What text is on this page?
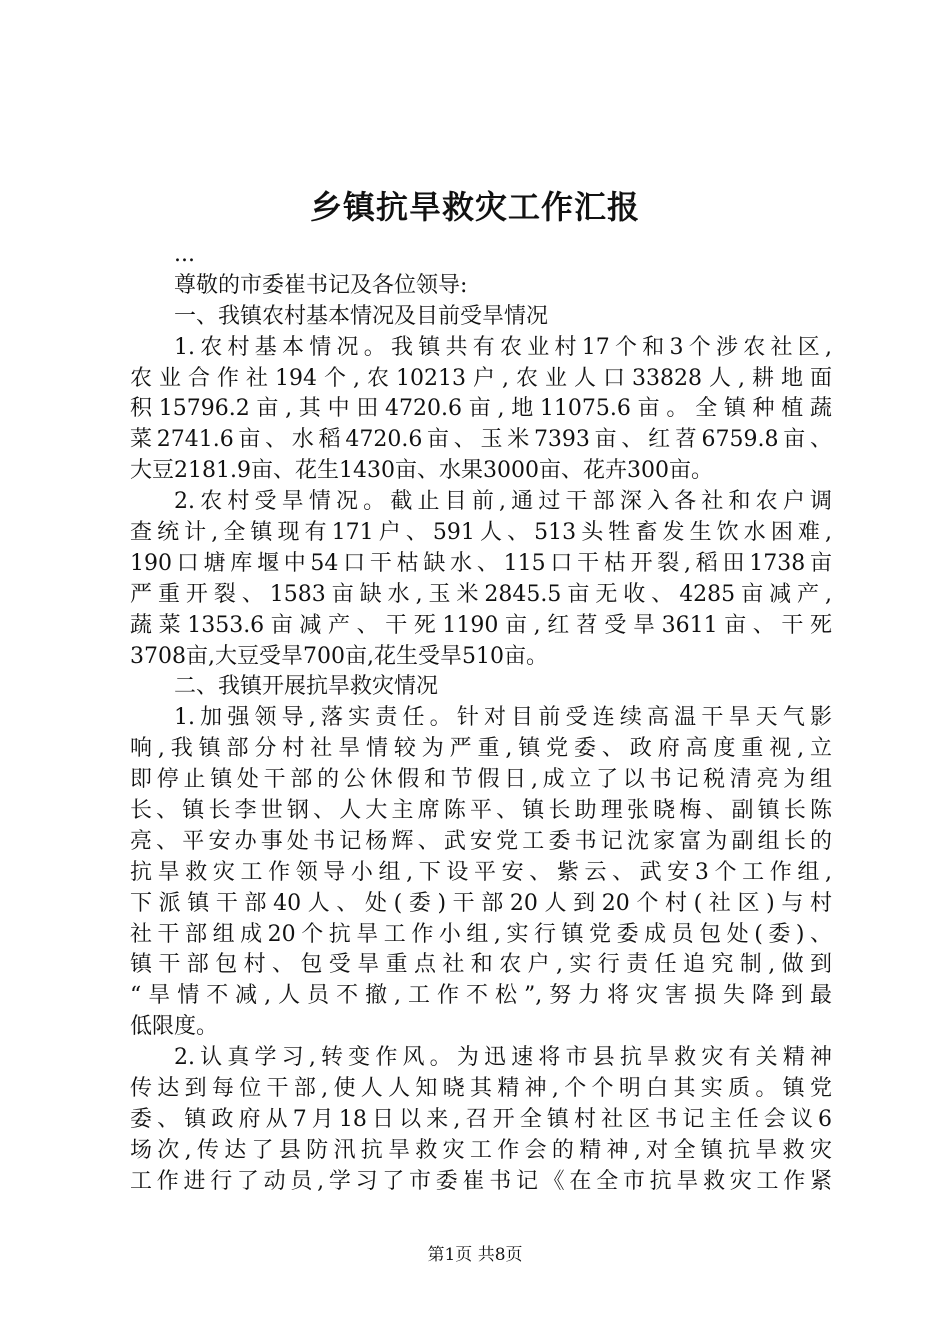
乡镇抗旱救灾工作汇报
...
尊敬的市委崔书记及各位领导:
一、我镇农村基本情况及目前受旱情况
1.农村基本情况。我镇共有农业村17个和3个涉农社区,
农业合作社194个,农10213户,农业人口33828人,耕地面
积15796.2亩,其中田4720.6亩,地11075.6亩。全镇种植蔬
菜2741.6亩、水稻4720.6亩、玉米7393亩、红苕6759.8亩、
大豆2181.9亩、花生1430亩、水果3000亩、花卉300亩。
2.农村受旱情况。截止目前,通过干部深入各社和农户调
查统计,全镇现有171户、591人、513头牲畜发生饮水困难,
190口塘库堰中54口干枯缺水、115口干枯开裂,稻田1738亩
严重开裂、1583亩缺水,玉米2845.5亩无收、4285亩减产,
蔬菜1353.6亩减产、干死1190亩,红苕受旱3611亩、干死
3708亩,大豆受旱700亩,花生受旱510亩。
二、我镇开展抗旱救灾情况
1.加强领导,落实责任。针对目前受连续高温干旱天气影
响,我镇部分村社旱情较为严重,镇党委、政府高度重视,立
即停止镇处干部的公休假和节假日,成立了以书记税清亮为组
长、镇长李世钢、人大主席陈平、镇长助理张晓梅、副镇长陈
亮、平安办事处书记杨辉、武安党工委书记沈家富为副组长的
抗旱救灾工作领导小组,下设平安、紫云、武安3个工作组,
下派镇干部40人、处(委)干部20人到20个村(社区)与村
社干部组成20个抗旱工作小组,实行镇党委成员包处(委)、
镇干部包村、包受旱重点社和农户,实行责任追究制,做到
“旱情不减,人员不撤,工作不松”,努力将灾害损失降到最
低限度。
2.认真学习,转变作风。为迅速将市县抗旱救灾有关精神
传达到每位干部,使人人知晓其精神,个个明白其实质。镇党
委、镇政府从7月18日以来,召开全镇村社区书记主任会议6
场次,传达了县防汛抗旱救灾工作会的精神,对全镇抗旱救灾
工作进行了动员,学习了市委崔书记《在全市抗旱救灾工作紧
第1页 共8页
